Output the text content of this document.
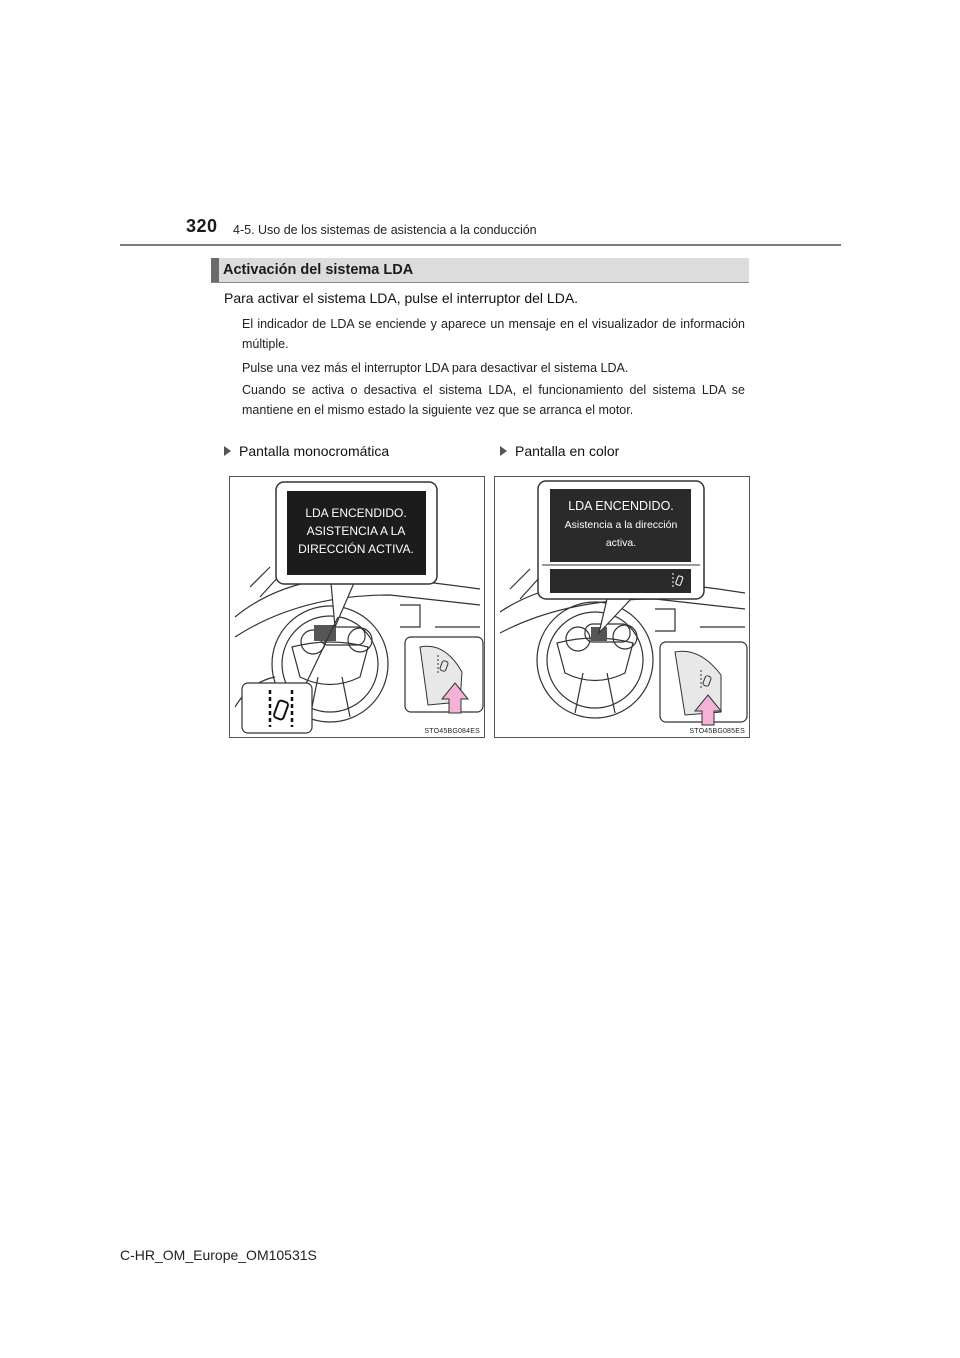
320 4-5. Uso de los sistemas de asistencia a la conducción
Activación del sistema LDA
Para activar el sistema LDA, pulse el interruptor del LDA.
El indicador de LDA se enciende y aparece un mensaje en el visualizador de información múltiple.
Pulse una vez más el interruptor LDA para desactivar el sistema LDA.
Cuando se activa o desactiva el sistema LDA, el funcionamiento del sistema LDA se mantiene en el mismo estado la siguiente vez que se arranca el motor.
Pantalla monocromática	Pantalla en color
LDA ENCENDIDO.
ASISTENCIA A LA
DIRECCIÓN ACTIVA.
STO45BG084ES
LDA ENCENDIDO.
Asistencia a la dirección
activa.
STO45BG085ES
C-HR_OM_Europe_OM10531S
